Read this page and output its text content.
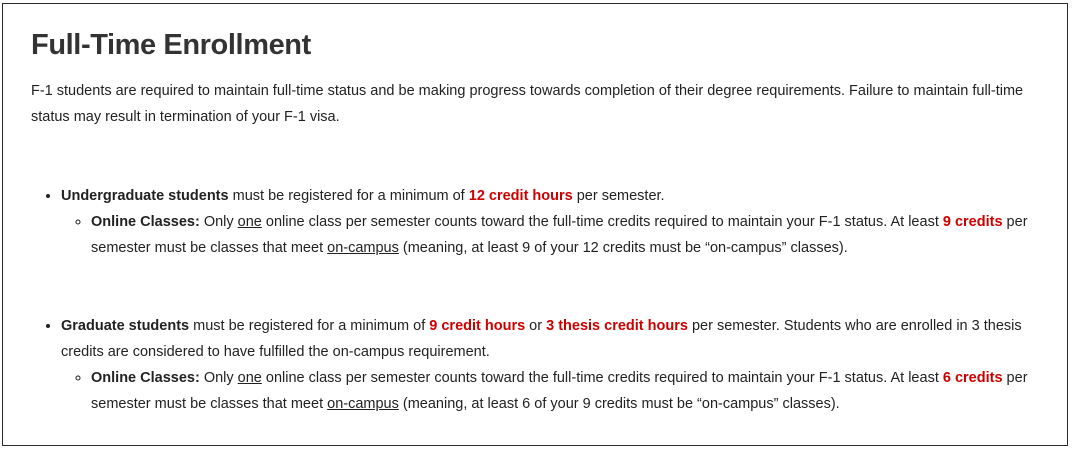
Full-Time Enrollment

F-1 students are required to maintain full-time status and be making progress towards completion of their degree requirements. Failure to maintain full-time status may result in termination of your F-1 visa.

• Undergraduate students must be registered for a minimum of 12 credit hours per semester.
◦ Online Classes: Only one online class per semester counts toward the full-time credits required to maintain your F-1 status. At least 9 credits per semester must be classes that meet on-campus (meaning, at least 9 of your 12 credits must be “on-campus” classes).
• Graduate students must be registered for a minimum of 9 credit hours or 3 thesis credit hours per semester. Students who are enrolled in 3 thesis credits are considered to have fulfilled the on-campus requirement.
◦ Online Classes: Only one online class per semester counts toward the full-time credits required to maintain your F-1 status. At least 6 credits per semester must be classes that meet on-campus (meaning, at least 6 of your 9 credits must be “on-campus” classes).
